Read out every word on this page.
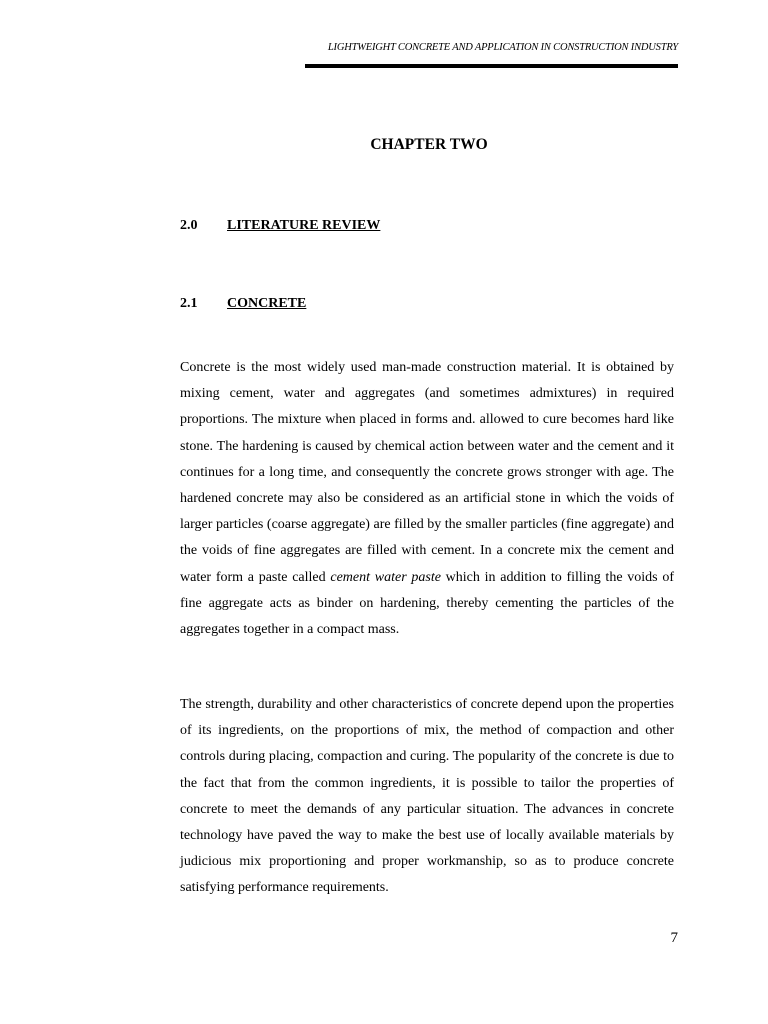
LIGHTWEIGHT CONCRETE AND APPLICATION IN CONSTRUCTION INDUSTRY
CHAPTER TWO
2.0 LITERATURE REVIEW
2.1 CONCRETE

Concrete is the most widely used man-made construction material. It is obtained by mixing cement, water and aggregates (and sometimes admixtures) in required proportions. The mixture when placed in forms and. allowed to cure becomes hard like stone. The hardening is caused by chemical action between water and the cement and it continues for a long time, and consequently the concrete grows stronger with age. The hardened concrete may also be considered as an artificial stone in which the voids of larger particles (coarse aggregate) are filled by the smaller particles (fine aggregate) and the voids of fine aggregates are filled with cement. In a concrete mix the cement and water form a paste called cement water paste which in addition to filling the voids of fine aggregate acts as binder on hardening, thereby cementing the particles of the aggregates together in a compact mass.

The strength, durability and other characteristics of concrete depend upon the properties of its ingredients, on the proportions of mix, the method of compaction and other controls during placing, compaction and curing. The popularity of the concrete is due to the fact that from the common ingredients, it is possible to tailor the properties of concrete to meet the demands of any particular situation. The advances in concrete technology have paved the way to make the best use of locally available materials by judicious mix proportioning and proper workmanship, so as to produce concrete satisfying performance requirements.

7
